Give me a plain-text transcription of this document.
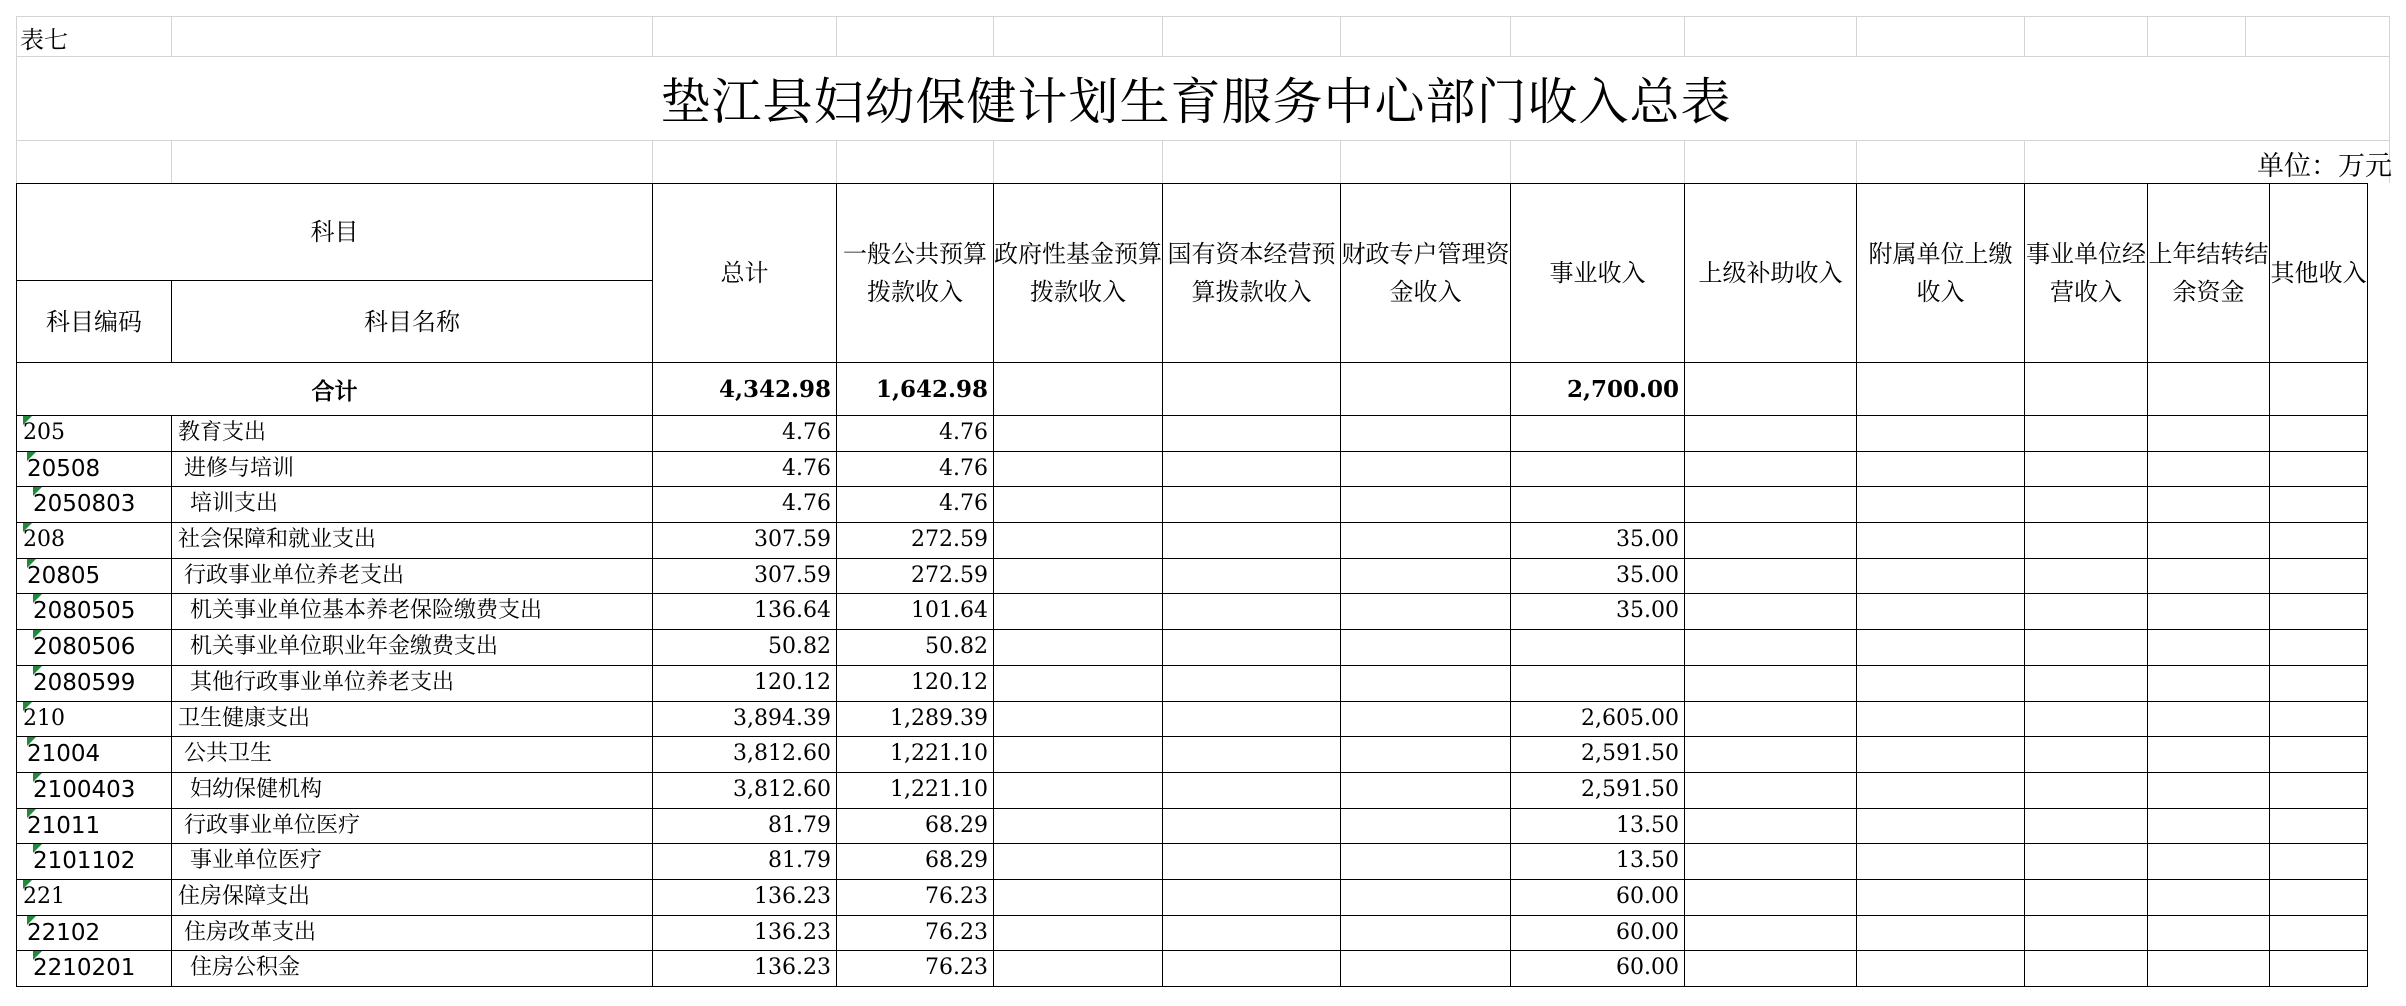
表七
垫江县妇幼保健计划生育服务中心部门收入总表
单位：万元
科目		总计	一般公共预算拨款收入	政府性基金预算拨款收入	国有资本经营预算拨款收入	财政专户管理资金收入	事业收入	上级补助收入	附属单位上缴收入	事业单位经营收入	上年结转结余资金	其他收入
科目编码	科目名称											
合计		4,342.98	1,642.98				2,700.00					

205	教育支出	4.76	4.76									

20508	进修与培训	4.76	4.76									

2050803	培训支出	4.76	4.76									

208	社会保障和就业支出	307.59	272.59				35.00					

20805	行政事业单位养老支出	307.59	272.59				35.00					

2080505	机关事业单位基本养老保险缴费支出	136.64	101.64				35.00					

2080506	机关事业单位职业年金缴费支出	50.82	50.82									

2080599	其他行政事业单位养老支出	120.12	120.12									

210	卫生健康支出	3,894.39	1,289.39				2,605.00					

21004	公共卫生	3,812.60	1,221.10				2,591.50					

2100403	妇幼保健机构	3,812.60	1,221.10				2,591.50					

21011	行政事业单位医疗	81.79	68.29				13.50					

2101102	事业单位医疗	81.79	68.29				13.50					

221	住房保障支出	136.23	76.23				60.00					

22102	住房改革支出	136.23	76.23				60.00					

2210201	住房公积金	136.23	76.23				60.00					
